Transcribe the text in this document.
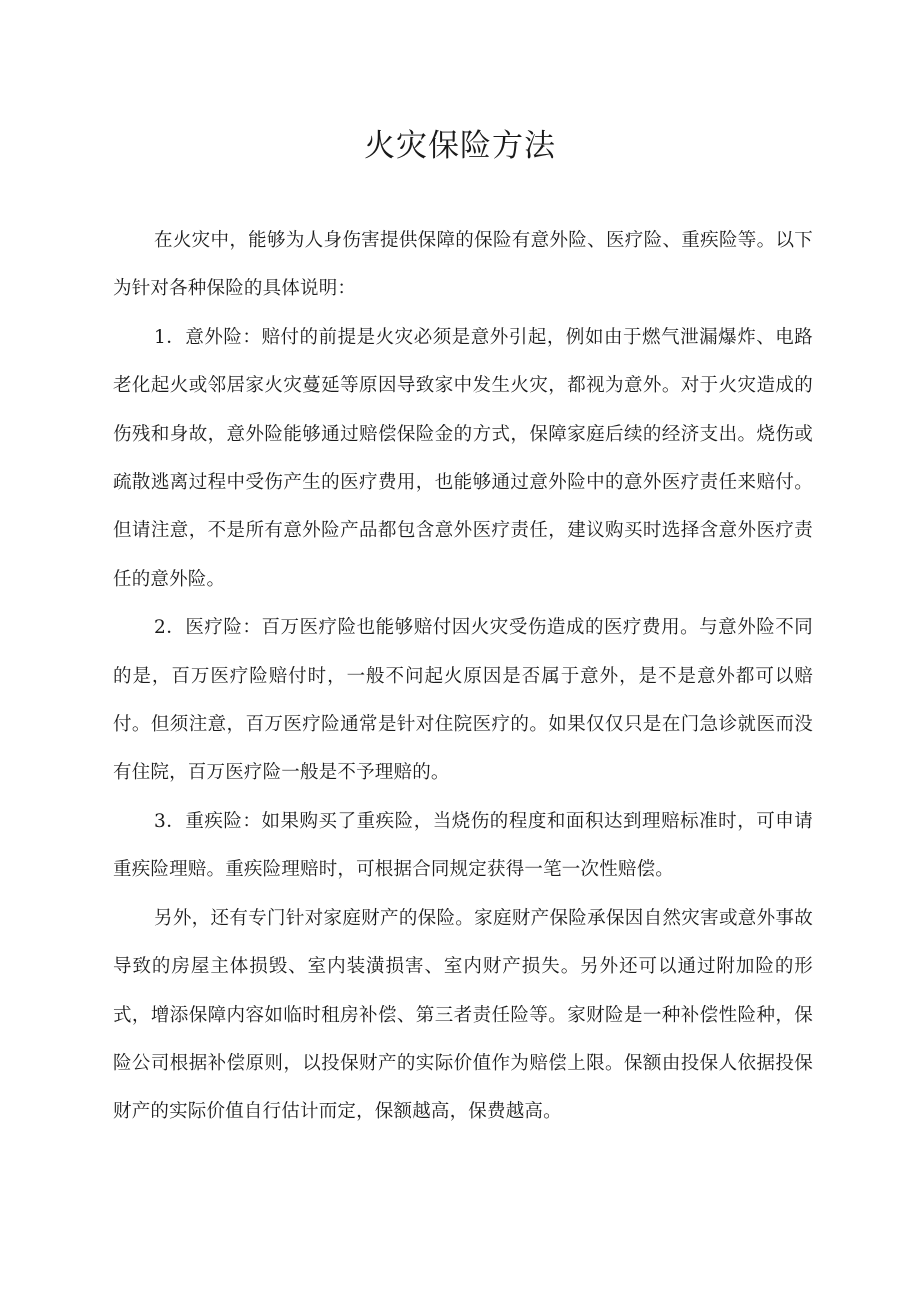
火灾保险方法

在火灾中，能够为人身伤害提供保障的保险有意外险、医疗险、重疾险等。以下为针对各种保险的具体说明：

1．意外险：赔付的前提是火灾必须是意外引起，例如由于燃气泄漏爆炸、电路老化起火或邻居家火灾蔓延等原因导致家中发生火灾，都视为意外。对于火灾造成的伤残和身故，意外险能够通过赔偿保险金的方式，保障家庭后续的经济支出。烧伤或疏散逃离过程中受伤产生的医疗费用，也能够通过意外险中的意外医疗责任来赔付。但请注意，不是所有意外险产品都包含意外医疗责任，建议购买时选择含意外医疗责任的意外险。

2．医疗险：百万医疗险也能够赔付因火灾受伤造成的医疗费用。与意外险不同的是，百万医疗险赔付时，一般不问起火原因是否属于意外，是不是意外都可以赔付。但须注意，百万医疗险通常是针对住院医疗的。如果仅仅只是在门急诊就医而没有住院，百万医疗险一般是不予理赔的。

3．重疾险：如果购买了重疾险，当烧伤的程度和面积达到理赔标准时，可申请重疾险理赔。重疾险理赔时，可根据合同规定获得一笔一次性赔偿。

另外，还有专门针对家庭财产的保险。家庭财产保险承保因自然灾害或意外事故导致的房屋主体损毁、室内装潢损害、室内财产损失。另外还可以通过附加险的形式，增添保障内容如临时租房补偿、第三者责任险等。家财险是一种补偿性险种，保险公司根据补偿原则，以投保财产的实际价值作为赔偿上限。保额由投保人依据投保财产的实际价值自行估计而定，保额越高，保费越高。
